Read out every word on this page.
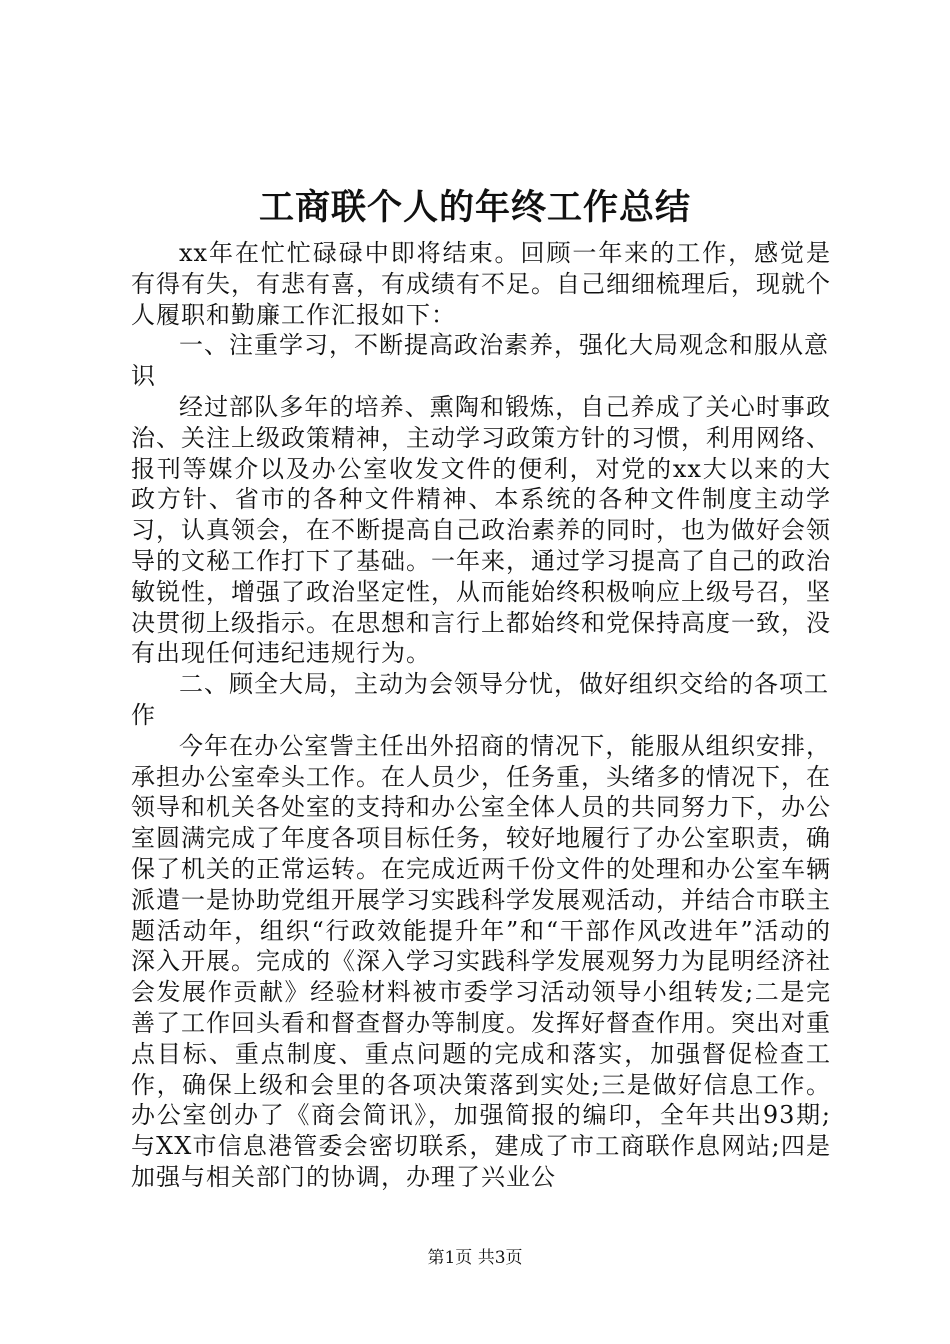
工商联个人的年终工作总结

xx年在忙忙碌碌中即将结束。回顾一年来的工作，感觉是有得有失，有悲有喜，有成绩有不足。自己细细梳理后，现就个人履职和勤廉工作汇报如下：

一、注重学习，不断提高政治素养，强化大局观念和服从意识

经过部队多年的培养、熏陶和锻炼，自己养成了关心时事政治、关注上级政策精神，主动学习政策方针的习惯，利用网络、报刊等媒介以及办公室收发文件的便利，对党的xx大以来的大政方针、省市的各种文件精神、本系统的各种文件制度主动学习，认真领会，在不断提高自己政治素养的同时，也为做好会领导的文秘工作打下了基础。一年来，通过学习提高了自己的政治敏锐性，增强了政治坚定性，从而能始终积极响应上级号召，坚决贯彻上级指示。在思想和言行上都始终和党保持高度一致，没有出现任何违纪违规行为。

二、顾全大局，主动为会领导分忧，做好组织交给的各项工作

今年在办公室訾主任出外招商的情况下，能服从组织安排，承担办公室牵头工作。在人员少，任务重，头绪多的情况下，在领导和机关各处室的支持和办公室全体人员的共同努力下，办公室圆满完成了年度各项目标任务，较好地履行了办公室职责，确保了机关的正常运转。在完成近两千份文件的处理和办公室车辆派遣一是协助党组开展学习实践科学发展观活动，并结合市联主题活动年，组织“行政效能提升年”和“干部作风改进年”活动的深入开展。完成的《深入学习实践科学发展观努力为昆明经济社会发展作贡献》经验材料被市委学习活动领导小组转发;二是完善了工作回头看和督查督办等制度。发挥好督查作用。突出对重点目标、重点制度、重点问题的完成和落实，加强督促检查工作，确保上级和会里的各项决策落到实处;三是做好信息工作。办公室创办了《商会简讯》，加强简报的编印，全年共出93期;与XX市信息港管委会密切联系，建成了市工商联作息网站;四是加强与相关部门的协调，办理了兴业公

第1页 共3页
